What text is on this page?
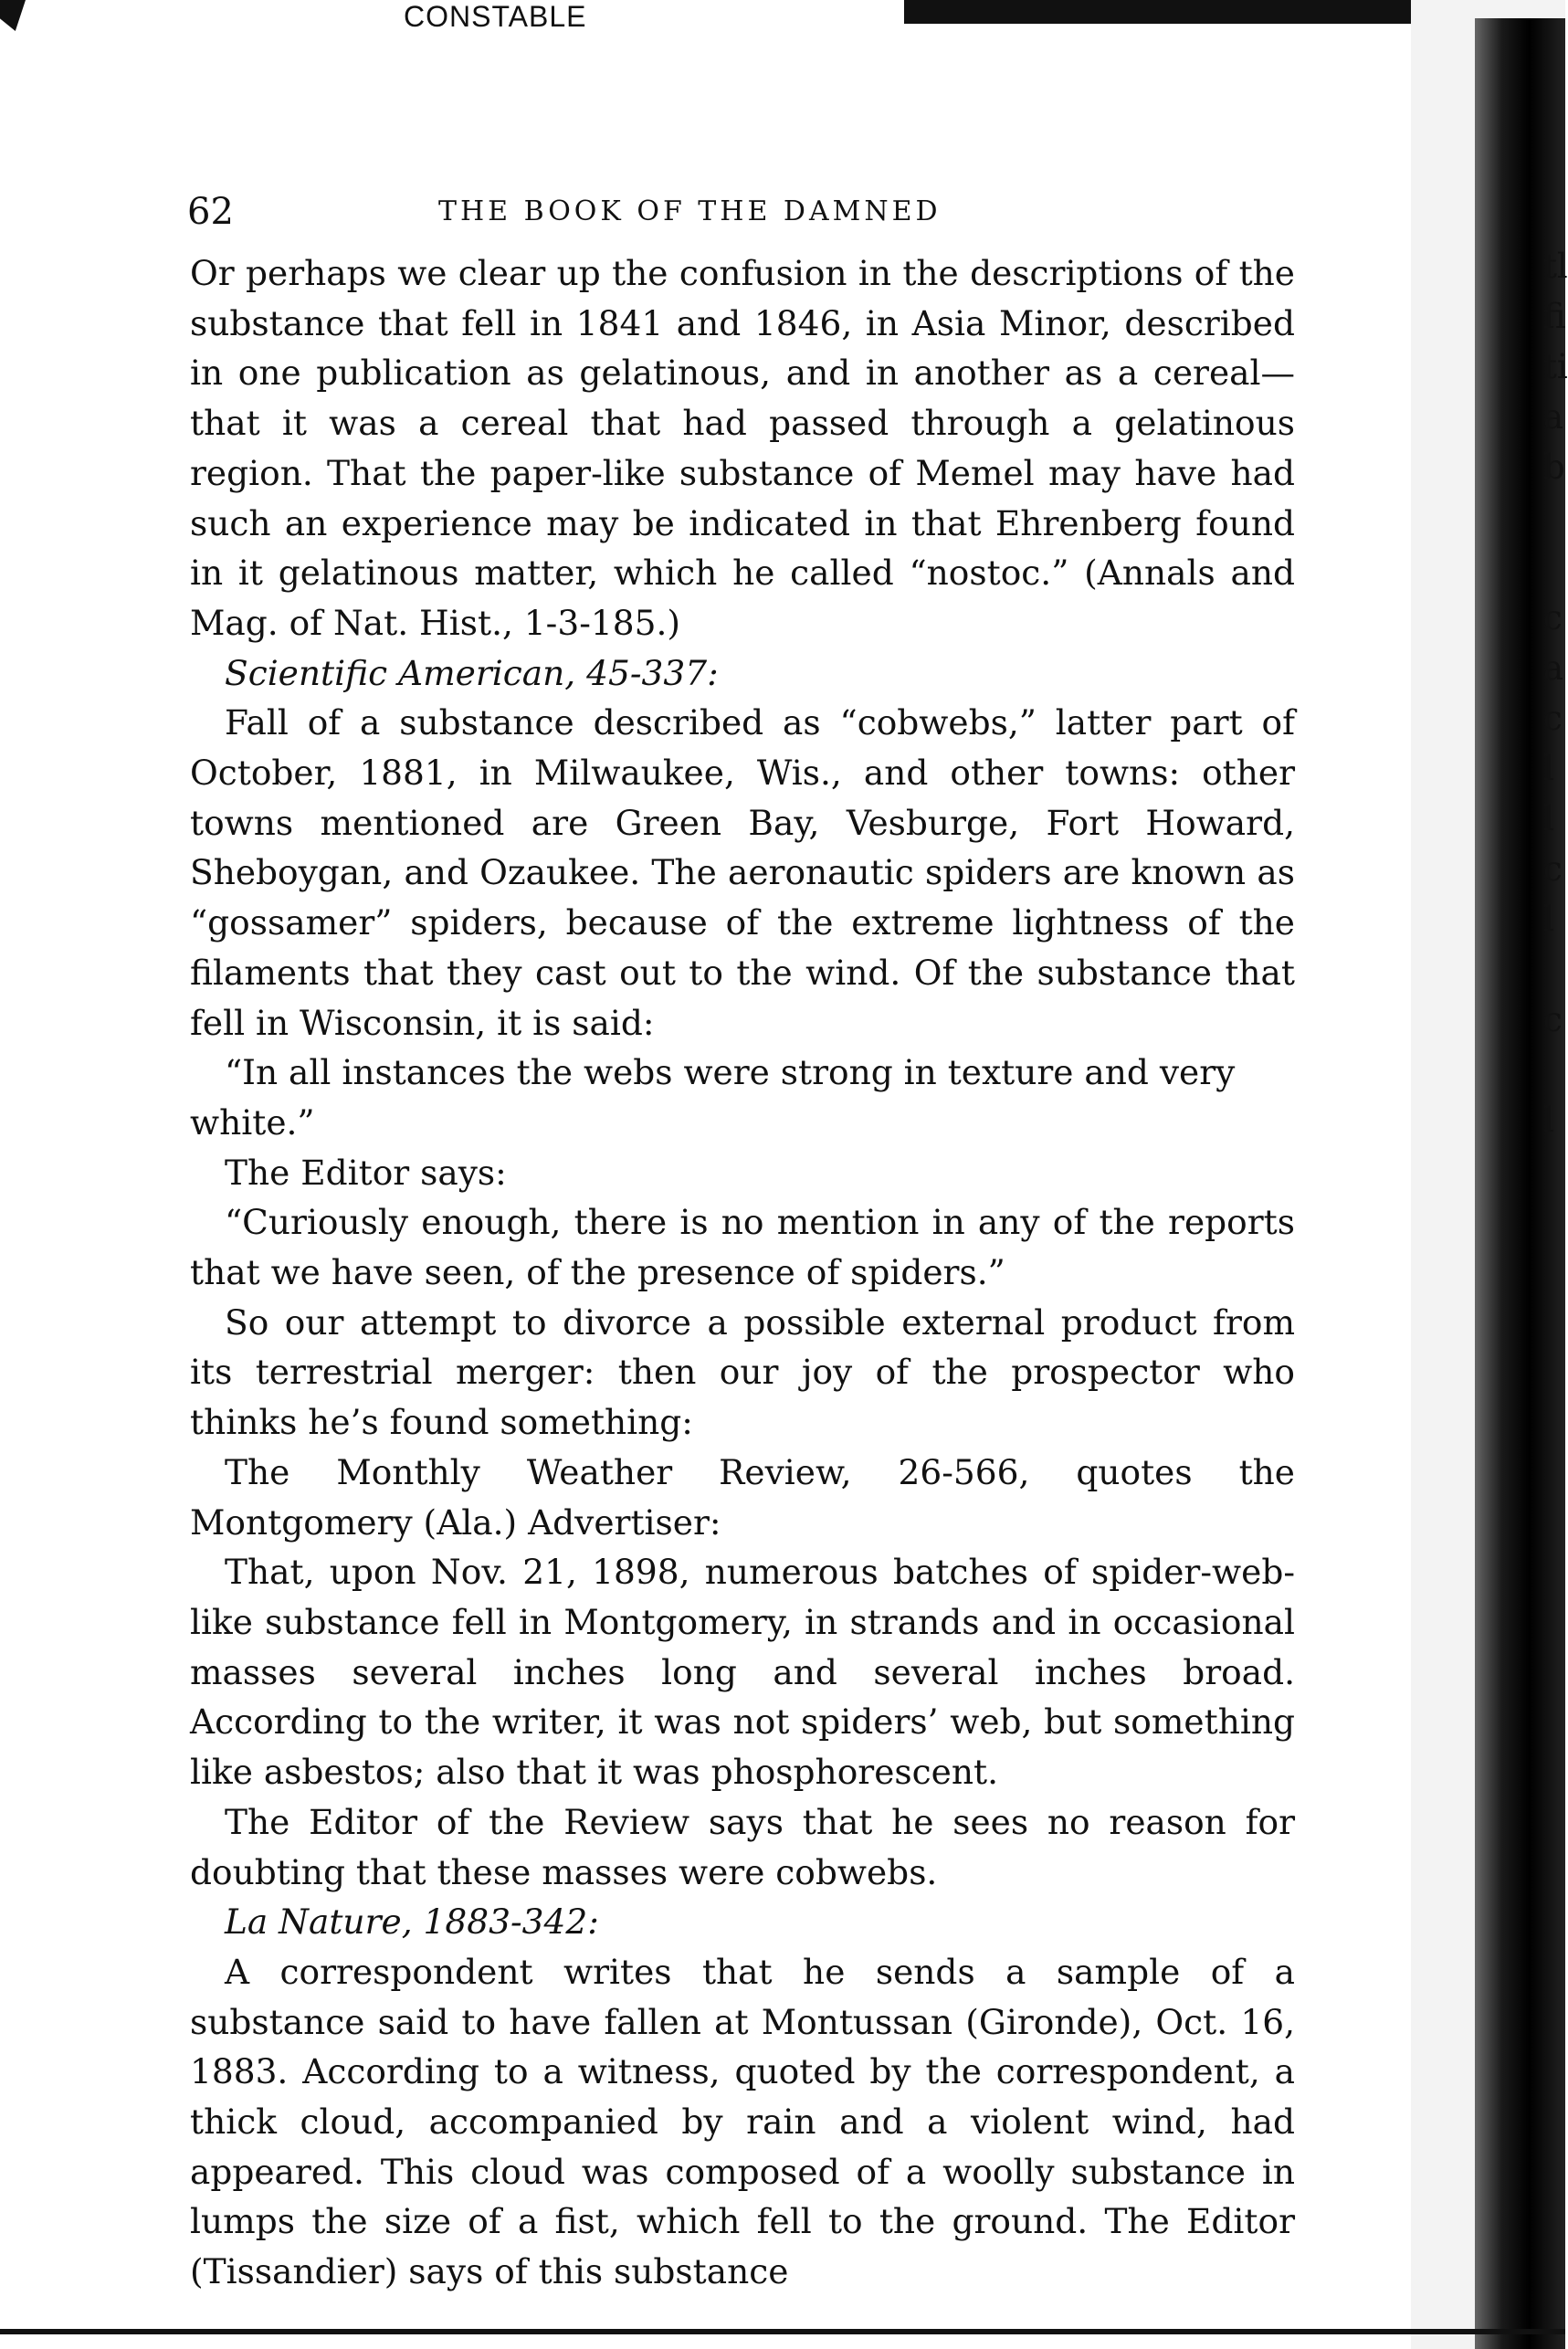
CONSTABLE
62	THE BOOK OF THE DAMNED

Or perhaps we clear up the confusion in the descriptions of the substance that fell in 1841 and 1846, in Asia Minor, described in one publication as gelatinous, and in another as a cereal—that it was a cereal that had passed through a gelatinous region. That the paper-like substance of Memel may have had such an experience may be indicated in that Ehrenberg found in it gelatinous matter, which he called “nostoc.” (Annals and Mag. of Nat. Hist., 1-3-185.)

Scientific American, 45-337:

Fall of a substance described as “cobwebs,” latter part of October, 1881, in Milwaukee, Wis., and other towns: other towns mentioned are Green Bay, Vesburge, Fort Howard, Sheboygan, and Ozaukee. The aeronautic spiders are known as “gossamer” spiders, because of the extreme lightness of the filaments that they cast out to the wind. Of the substance that fell in Wisconsin, it is said:

“In all instances the webs were strong in texture and very white.”

The Editor says:

“Curiously enough, there is no mention in any of the reports that we have seen, of the presence of spiders.”

So our attempt to divorce a possible external product from its terrestrial merger: then our joy of the prospector who thinks he’s found something:

The Monthly Weather Review, 26-566, quotes the Montgomery (Ala.) Advertiser:

That, upon Nov. 21, 1898, numerous batches of spider-web-like substance fell in Montgomery, in strands and in occasional masses several inches long and several inches broad. According to the writer, it was not spiders’ web, but something like asbestos; also that it was phosphorescent.

The Editor of the Review says that he sees no reason for doubting that these masses were cobwebs.

La Nature, 1883-342:

A correspondent writes that he sends a sample of a substance said to have fallen at Montussan (Gironde), Oct. 16, 1883. According to a witness, quoted by the correspondent, a thick cloud, accompanied by rain and a violent wind, had appeared. This cloud was composed of a woolly substance in lumps the size of a fist, which fell to the ground. The Editor (Tissandier) says of this substance

tl
fi
ti
a
b
c
a
c
l
l
c
l
c
l
